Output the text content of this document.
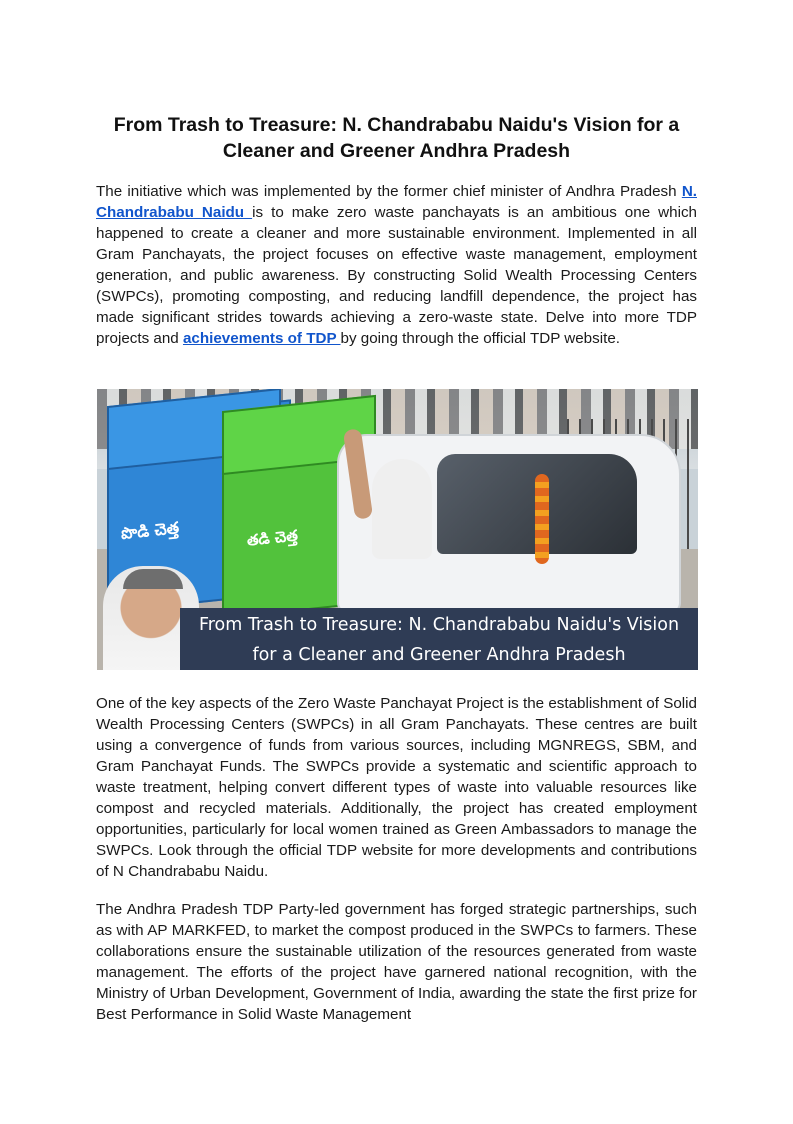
From Trash to Treasure: N. Chandrababu Naidu's Vision for a Cleaner and Greener Andhra Pradesh

The initiative which was implemented by the former chief minister of Andhra Pradesh N. Chandrababu Naidu is to make zero waste panchayats is an ambitious one which happened to create a cleaner and more sustainable environment. Implemented in all Gram Panchayats, the project focuses on effective waste management, employment generation, and public awareness. By constructing Solid Wealth Processing Centers (SWPCs), promoting composting, and reducing landfill dependence, the project has made significant strides towards achieving a zero-waste state. Delve into more TDP projects and achievements of TDP by going through the official TDP website.

పొడి చెత్త	తడి చెత్త
From Trash to Treasure: N. Chandrababu Naidu's Vision
for a Cleaner and Greener Andhra Pradesh

One of the key aspects of the Zero Waste Panchayat Project is the establishment of Solid Wealth Processing Centers (SWPCs) in all Gram Panchayats. These centres are built using a convergence of funds from various sources, including MGNREGS, SBM, and Gram Panchayat Funds. The SWPCs provide a systematic and scientific approach to waste treatment, helping convert different types of waste into valuable resources like compost and recycled materials. Additionally, the project has created employment opportunities, particularly for local women trained as Green Ambassadors to manage the SWPCs. Look through the official TDP website for more developments and contributions of N Chandrababu Naidu.

The Andhra Pradesh TDP Party-led government has forged strategic partnerships, such as with AP MARKFED, to market the compost produced in the SWPCs to farmers. These collaborations ensure the sustainable utilization of the resources generated from waste management. The efforts of the project have garnered national recognition, with the Ministry of Urban Development, Government of India, awarding the state the first prize for Best Performance in Solid Waste Management
